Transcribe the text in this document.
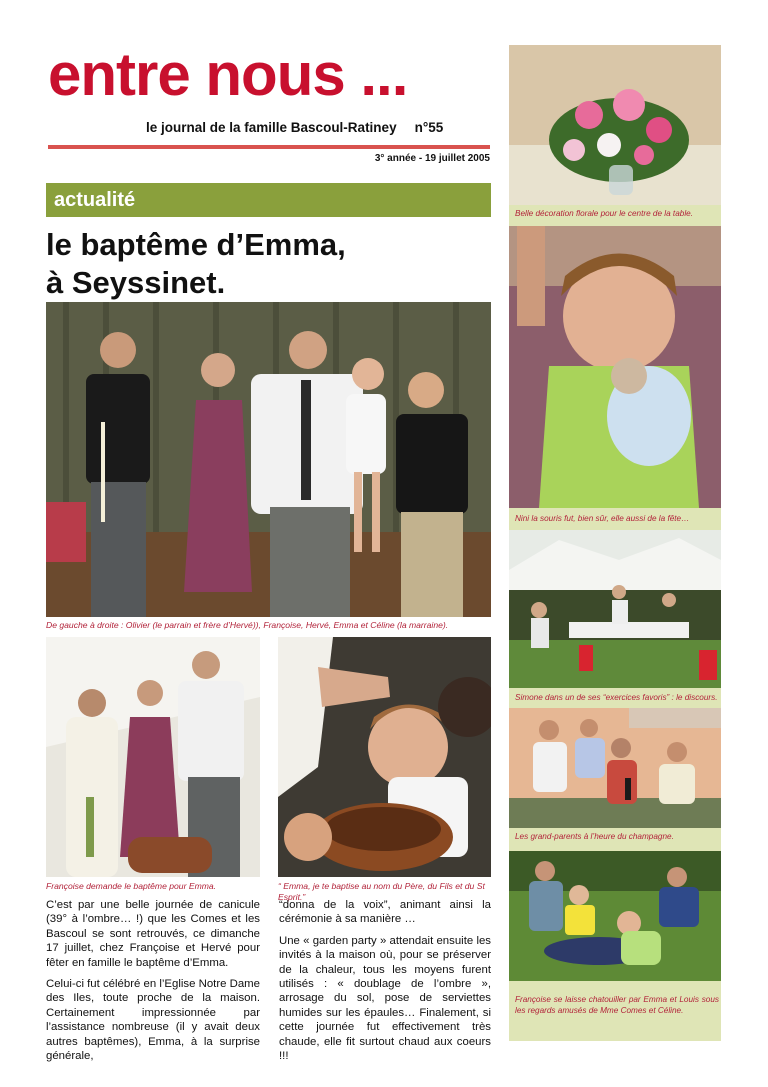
entre nous ...
le journal de la famille Bascoul-Ratiney n°55
3° année - 19 juillet 2005
actualité
le baptême d’Emma,
à Seyssinet.
De gauche à droite : Olivier (le parrain et frère d’Hervé)), Françoise, Hervé, Emma et Céline (la marraine).
Françoise demande le baptême pour Emma.	“ Emma, je te baptise au nom du Père, du Fils et du St Esprit.”

C’est par une belle journée de canicule (39° à l’ombre… !) que les Comes et les Bascoul se sont retrouvés, ce dimanche 17 juillet, chez Françoise et Hervé pour fêter en famille le baptême d’Emma.

Celui-ci fut célébré en l’Eglise Notre Dame des Iles, toute proche de la maison. Certainement impressionnée par l’assistance nombreuse (il y avait deux autres baptêmes), Emma, à la surprise générale,

“donna de la voix”, animant ainsi la cérémonie à sa manière …

Une « garden party » attendait ensuite les invités à la maison où, pour se préserver de la chaleur, tous les moyens furent utilisés : « doublage de l’ombre », arrosage du sol, pose de serviettes humides sur les épaules… Finalement, si cette journée fut effectivement très chaude, elle fit surtout chaud aux coeurs !!!

Belle décoration florale pour le centre de la table.
Nini la souris fut, bien sûr, elle aussi de la fête…
Simone dans un de ses “exercices favoris” : le discours.
Les grand-parents à l’heure du champagne.
Françoise se laisse chatouiller par Emma et Louis sous les regards amusés de Mme Comes et Céline.
